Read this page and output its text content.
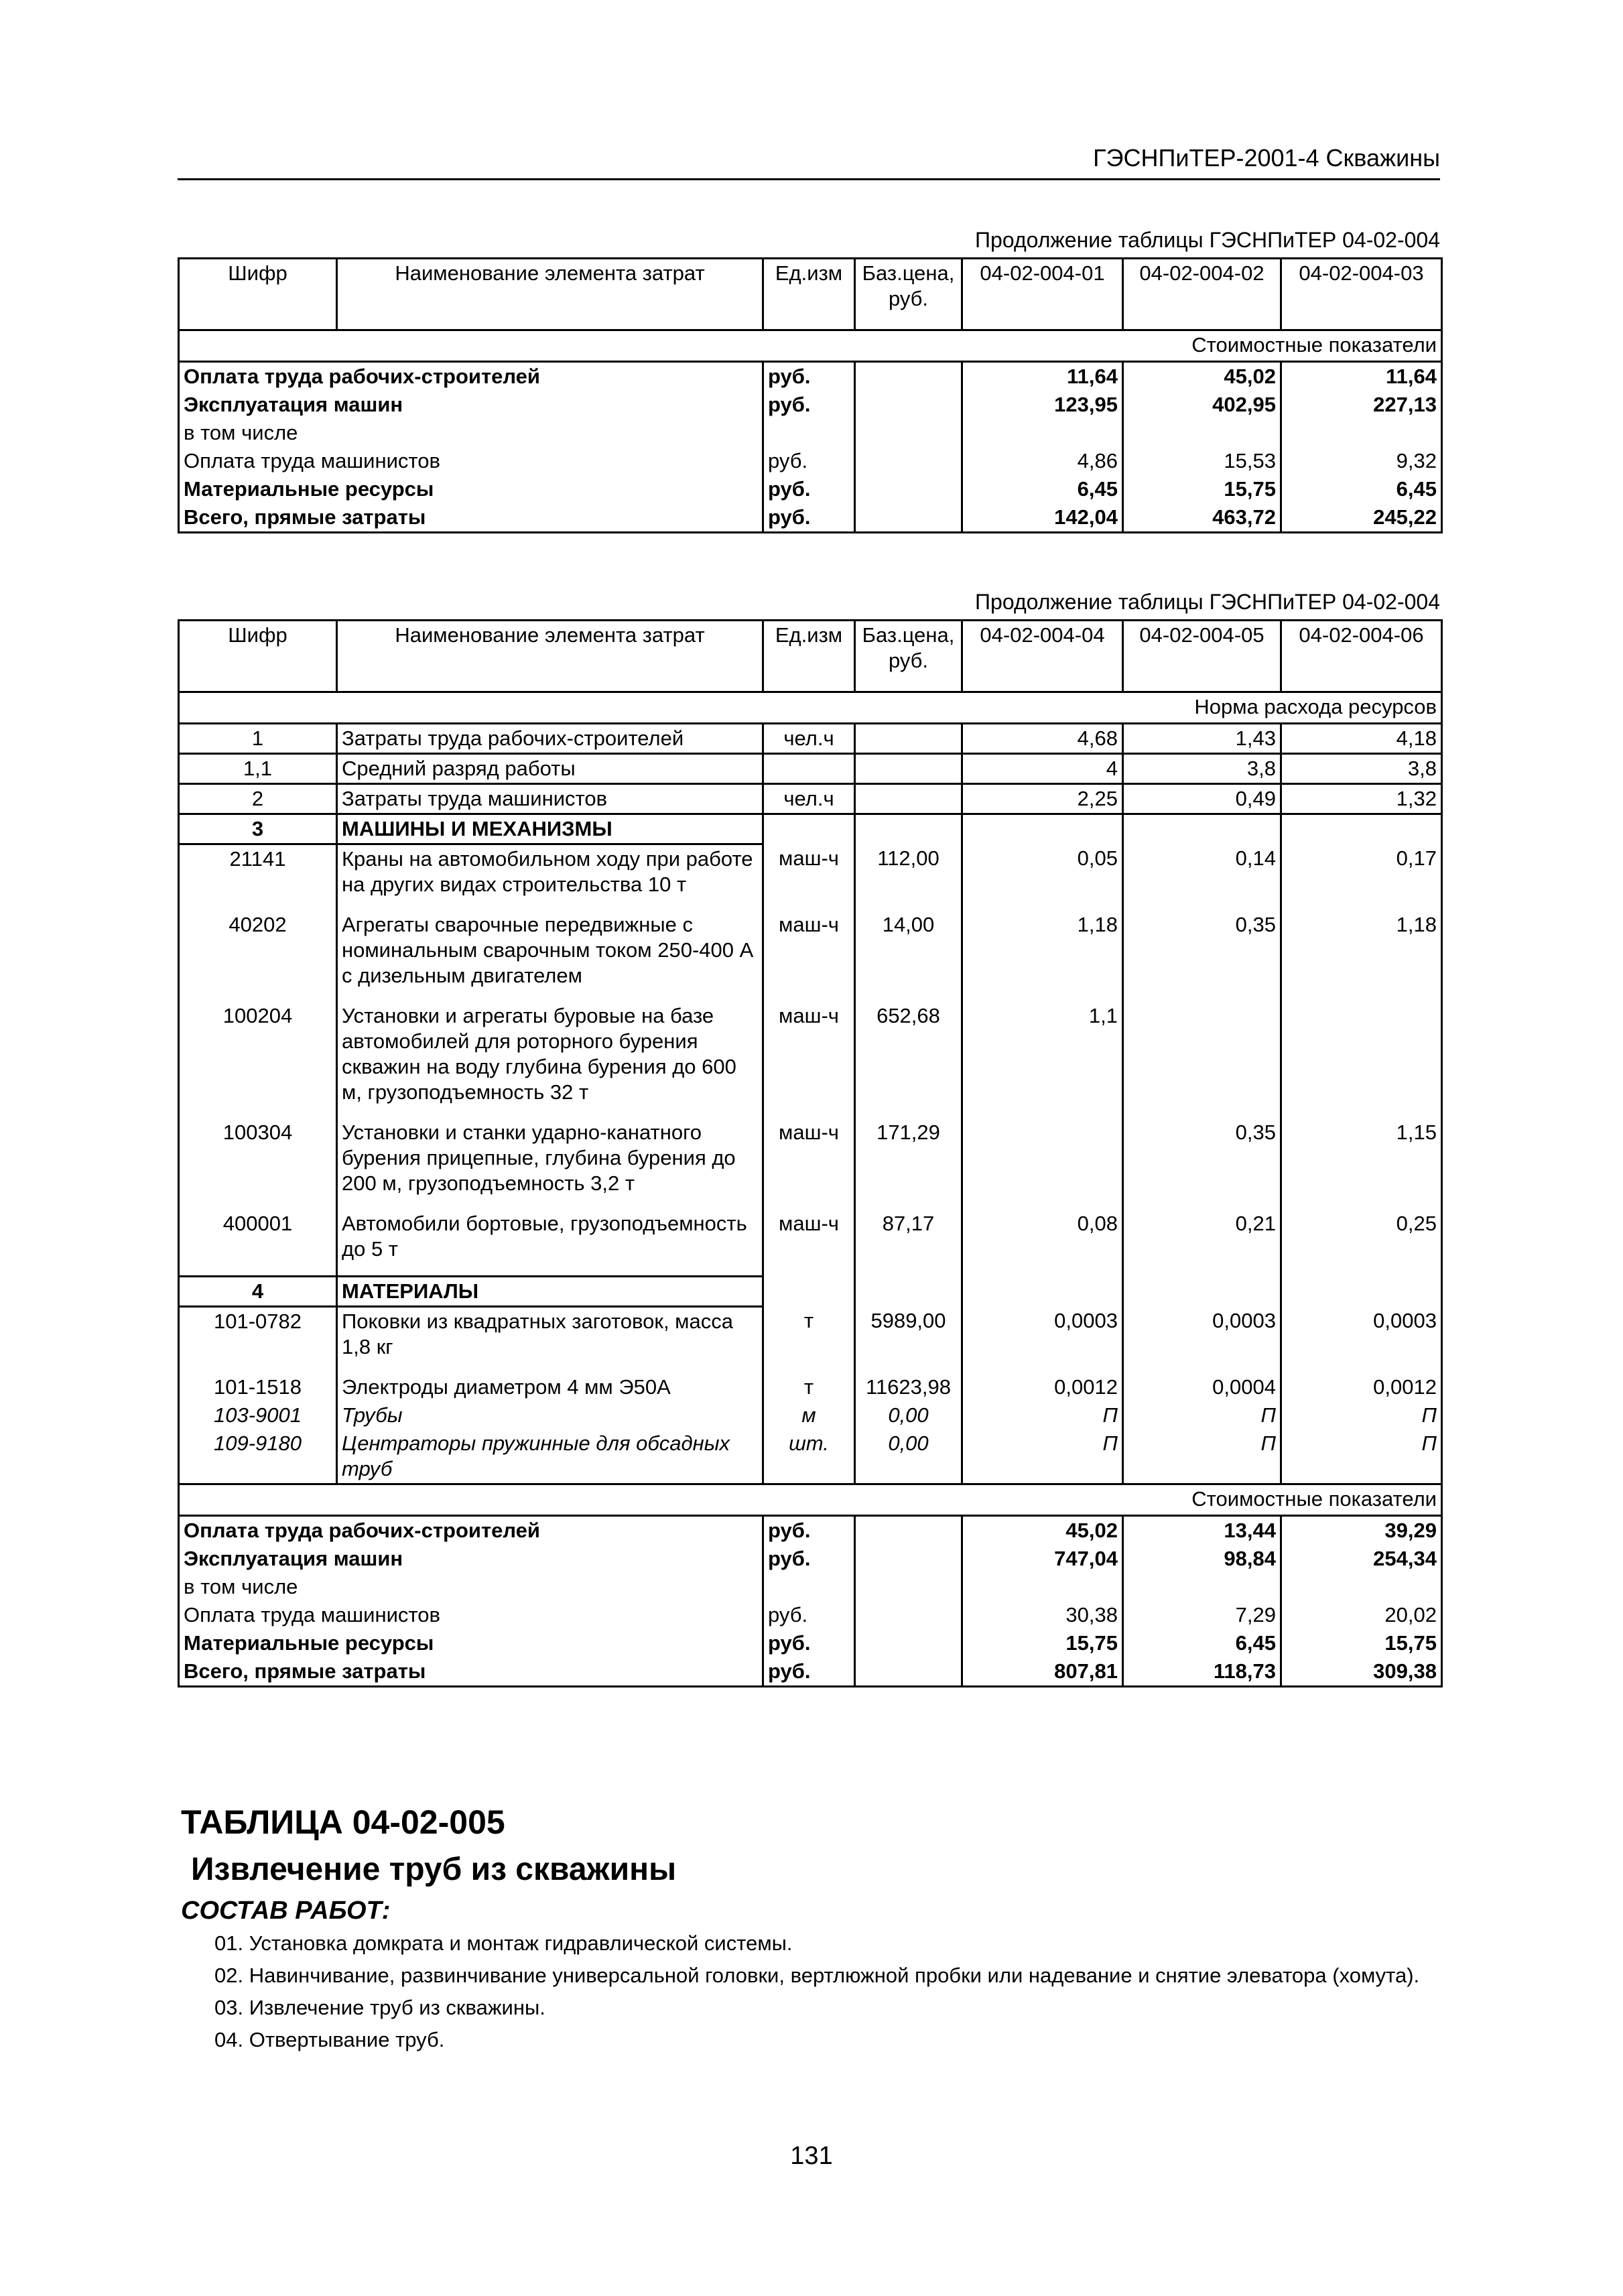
ГЭСНПиТЕР-2001-4 Скважины
Продолжение таблицы ГЭСНПиТЕР 04-02-004
Шифр	Наименование элемента затрат	Ед.изм	Баз.цена, руб.	04-02-004-01	04-02-004-02	04-02-004-03
Стоимостные показатели						
Оплата труда рабочих-строителей		руб.		11,64	45,02	11,64
Эксплуатация машин		руб.		123,95	402,95	227,13
в том числе						
Оплата труда машинистов		руб.		4,86	15,53	9,32
Материальные ресурсы		руб.		6,45	15,75	6,45
Всего, прямые затраты		руб.		142,04	463,72	245,22
Продолжение таблицы ГЭСНПиТЕР 04-02-004
Шифр	Наименование элемента затрат	Ед.изм	Баз.цена, руб.	04-02-004-04	04-02-004-05	04-02-004-06
Норма расхода ресурсов						
1	Затраты труда рабочих-строителей	чел.ч		4,68	1,43	4,18
1,1	Средний разряд работы			4	3,8	3,8
2	Затраты труда машинистов	чел.ч		2,25	0,49	1,32
3	МАШИНЫ И МЕХАНИЗМЫ					
21141	Краны на автомобильном ходу при работе на других видах строительства 10 т	маш-ч	112,00	0,05	0,14	0,17
40202	Агрегаты сварочные передвижные с номинальным сварочным током 250-400 А с дизельным двигателем	маш-ч	14,00	1,18	0,35	1,18
100204	Установки и агрегаты буровые на базе автомобилей для роторного бурения скважин на воду глубина бурения до 600 м, грузоподъемность 32 т	маш-ч	652,68	1,1		
100304	Установки и станки ударно-канатного бурения прицепные, глубина бурения до 200 м, грузоподъемность 3,2 т	маш-ч	171,29		0,35	1,15
400001	Автомобили бортовые, грузоподъемность до 5 т	маш-ч	87,17	0,08	0,21	0,25
4	МАТЕРИАЛЫ					
101-0782	Поковки из квадратных заготовок, масса 1,8 кг	т	5989,00	0,0003	0,0003	0,0003
101-1518	Электроды диаметром 4 мм Э50А	т	11623,98	0,0012	0,0004	0,0012
103-9001	Трубы	м	0,00	П	П	П
109-9180	Центраторы пружинные для обсадных труб	шт.	0,00	П	П	П
Стоимостные показатели						
Оплата труда рабочих-строителей		руб.		45,02	13,44	39,29
Эксплуатация машин		руб.		747,04	98,84	254,34
в том числе						
Оплата труда машинистов		руб.		30,38	7,29	20,02
Материальные ресурсы		руб.		15,75	6,45	15,75
Всего, прямые затраты		руб.		807,81	118,73	309,38
ТАБЛИЦА 04-02-005
Извлечение труб из скважины
СОСТАВ РАБОТ:

01. Установка домкрата и монтаж гидравлической системы.

02. Навинчивание, развинчивание универсальной головки, вертлюжной пробки или надевание и снятие элеватора (хомута).

03. Извлечение труб из скважины.

04. Отвертывание труб.

131
